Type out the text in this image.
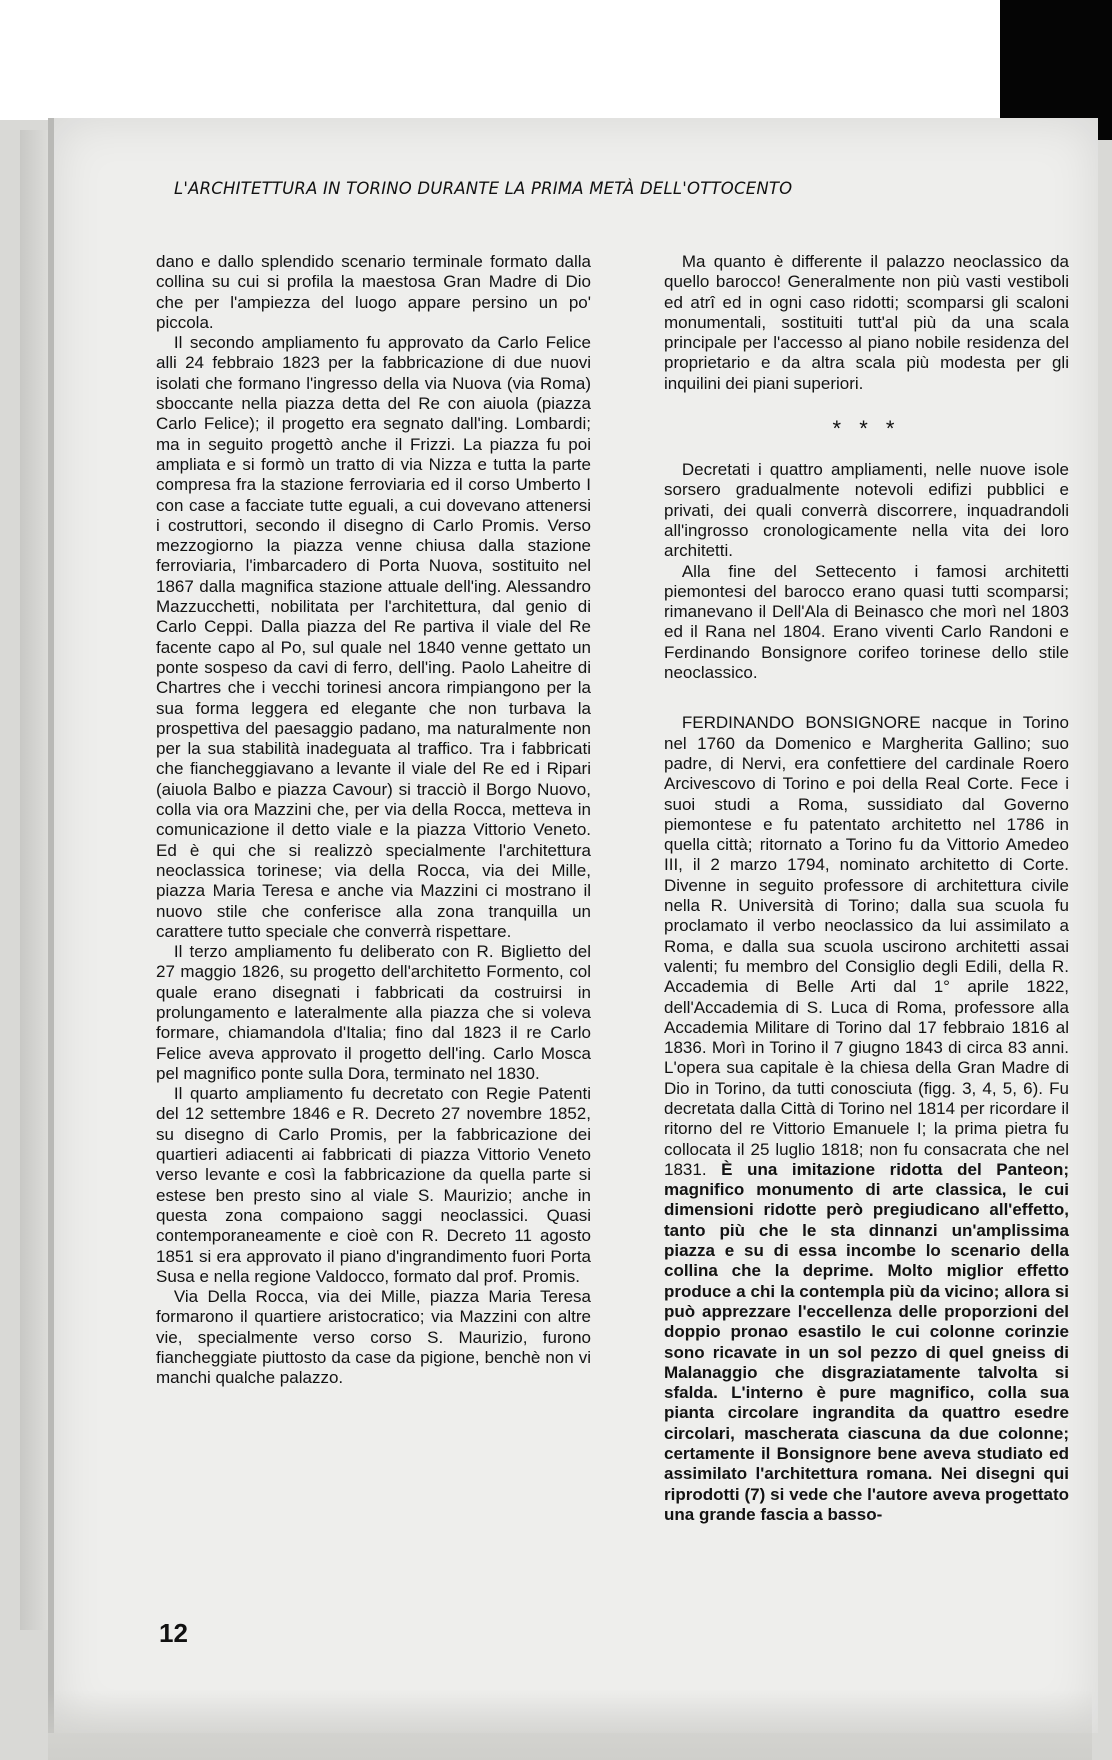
L'ARCHITETTURA IN TORINO DURANTE LA PRIMA METÀ DELL'OTTOCENTO

dano e dallo splendido scenario terminale formato dalla collina su cui si profila la maestosa Gran Madre di Dio che per l'ampiezza del luogo appare persino un po' piccola.

Il secondo ampliamento fu approvato da Carlo Felice alli 24 febbraio 1823 per la fabbricazione di due nuovi isolati che formano l'ingresso della via Nuova (via Roma) sboccante nella piazza detta del Re con aiuola (piazza Carlo Felice); il progetto era segnato dall'ing. Lombardi; ma in seguito progettò anche il Frizzi. La piazza fu poi ampliata e si formò un tratto di via Nizza e tutta la parte compresa fra la stazione ferroviaria ed il corso Umberto I con case a facciate tutte eguali, a cui dovevano attenersi i costruttori, secondo il disegno di Carlo Promis. Verso mezzogiorno la piazza venne chiusa dalla stazione ferroviaria, l'imbarcadero di Porta Nuova, sostituito nel 1867 dalla magnifica stazione attuale dell'ing. Alessandro Mazzucchetti, nobilitata per l'architettura, dal genio di Carlo Ceppi. Dalla piazza del Re partiva il viale del Re facente capo al Po, sul quale nel 1840 venne gettato un ponte sospeso da cavi di ferro, dell'ing. Paolo Laheitre di Chartres che i vecchi torinesi ancora rimpiangono per la sua forma leggera ed elegante che non turbava la prospettiva del paesaggio padano, ma naturalmente non per la sua stabilità inadeguata al traffico. Tra i fabbricati che fiancheggiavano a levante il viale del Re ed i Ripari (aiuola Balbo e piazza Cavour) si tracciò il Borgo Nuovo, colla via ora Mazzini che, per via della Rocca, metteva in comunicazione il detto viale e la piazza Vittorio Veneto. Ed è qui che si realizzò specialmente l'architettura neoclassica torinese; via della Rocca, via dei Mille, piazza Maria Teresa e anche via Mazzini ci mostrano il nuovo stile che conferisce alla zona tranquilla un carattere tutto speciale che converrà rispettare.

Il terzo ampliamento fu deliberato con R. Biglietto del 27 maggio 1826, su progetto dell'architetto Formento, col quale erano disegnati i fabbricati da costruirsi in prolungamento e lateralmente alla piazza che si voleva formare, chiamandola d'Italia; fino dal 1823 il re Carlo Felice aveva approvato il progetto dell'ing. Carlo Mosca pel magnifico ponte sulla Dora, terminato nel 1830.

Il quarto ampliamento fu decretato con Regie Patenti del 12 settembre 1846 e R. Decreto 27 novembre 1852, su disegno di Carlo Promis, per la fabbricazione dei quartieri adiacenti ai fabbricati di piazza Vittorio Veneto verso levante e così la fabbricazione da quella parte si estese ben presto sino al viale S. Maurizio; anche in questa zona compaiono saggi neoclassici. Quasi contemporaneamente e cioè con R. Decreto 11 agosto 1851 si era approvato il piano d'ingrandimento fuori Porta Susa e nella regione Valdocco, formato dal prof. Promis.

Via Della Rocca, via dei Mille, piazza Maria Teresa formarono il quartiere aristocratico; via Mazzini con altre vie, specialmente verso corso S. Maurizio, furono fiancheggiate piuttosto da case da pigione, benchè non vi manchi qualche palazzo.

Ma quanto è differente il palazzo neoclassico da quello barocco! Generalmente non più vasti vestiboli ed atrî ed in ogni caso ridotti; scomparsi gli scaloni monumentali, sostituiti tutt'al più da una scala principale per l'accesso al piano nobile residenza del proprietario e da altra scala più modesta per gli inquilini dei piani superiori.

* * *

Decretati i quattro ampliamenti, nelle nuove isole sorsero gradualmente notevoli edifizi pubblici e privati, dei quali converrà discorrere, inquadrandoli all'ingrosso cronologicamente nella vita dei loro architetti.

Alla fine del Settecento i famosi architetti piemontesi del barocco erano quasi tutti scomparsi; rimanevano il Dell'Ala di Beinasco che morì nel 1803 ed il Rana nel 1804. Erano viventi Carlo Randoni e Ferdinando Bonsignore corifeo torinese dello stile neoclassico.

FERDINANDO BONSIGNORE nacque in Torino nel 1760 da Domenico e Margherita Gallino; suo padre, di Nervi, era confettiere del cardinale Roero Arcivescovo di Torino e poi della Real Corte. Fece i suoi studi a Roma, sussidiato dal Governo piemontese e fu patentato architetto nel 1786 in quella città; ritornato a Torino fu da Vittorio Amedeo III, il 2 marzo 1794, nominato architetto di Corte. Divenne in seguito professore di architettura civile nella R. Università di Torino; dalla sua scuola fu proclamato il verbo neoclassico da lui assimilato a Roma, e dalla sua scuola uscirono architetti assai valenti; fu membro del Consiglio degli Edili, della R. Accademia di Belle Arti dal 1° aprile 1822, dell'Accademia di S. Luca di Roma, professore alla Accademia Militare di Torino dal 17 febbraio 1816 al 1836. Morì in Torino il 7 giugno 1843 di circa 83 anni. L'opera sua capitale è la chiesa della Gran Madre di Dio in Torino, da tutti conosciuta (figg. 3, 4, 5, 6). Fu decretata dalla Città di Torino nel 1814 per ricordare il ritorno del re Vittorio Emanuele I; la prima pietra fu collocata il 25 luglio 1818; non fu consacrata che nel 1831. È una imitazione ridotta del Panteon; magnifico monumento di arte classica, le cui dimensioni ridotte però pregiudicano all'effetto, tanto più che le sta dinnanzi un'amplissima piazza e su di essa incombe lo scenario della collina che la deprime. Molto miglior effetto produce a chi la contempla più da vicino; allora si può apprezzare l'eccellenza delle proporzioni del doppio pronao esastilo le cui colonne corinzie sono ricavate in un sol pezzo di quel gneiss di Malanaggio che disgraziatamente talvolta si sfalda. L'interno è pure magnifico, colla sua pianta circolare ingrandita da quattro esedre circolari, mascherata ciascuna da due colonne; certamente il Bonsignore bene aveva studiato ed assimilato l'architettura romana. Nei disegni qui riprodotti (7) si vede che l'autore aveva progettato una grande fascia a basso-

12
